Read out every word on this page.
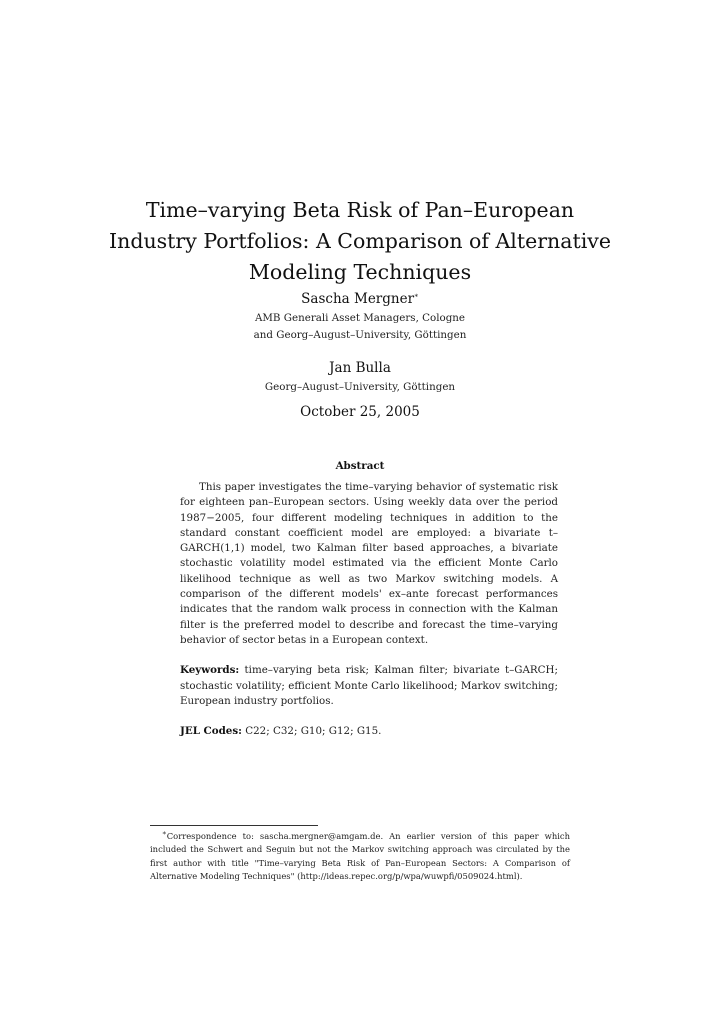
Time–varying Beta Risk of Pan–European
Industry Portfolios: A Comparison of Alternative
Modeling Techniques
Sascha Mergner∗
AMB Generali Asset Managers, Cologne
and Georg–August–University, Göttingen
Jan Bulla
Georg–August–University, Göttingen
October 25, 2005
Abstract

This paper investigates the time–varying behavior of systematic risk for eighteen pan–European sectors. Using weekly data over the period 1987−2005, four different modeling techniques in addition to the standard constant coefficient model are employed: a bivariate t–GARCH(1,1) model, two Kalman filter based approaches, a bivariate stochastic volatility model estimated via the efficient Monte Carlo likelihood technique as well as two Markov switching models. A comparison of the different models' ex–ante forecast performances indicates that the random walk process in connection with the Kalman filter is the preferred model to describe and forecast the time–varying behavior of sector betas in a European context.

Keywords: time–varying beta risk; Kalman filter; bivariate t–GARCH; stochastic volatility; efficient Monte Carlo likelihood; Markov switching; European industry portfolios.

JEL Codes: C22; C32; G10; G12; G15.

∗Correspondence to: sascha.mergner@amgam.de. An earlier version of this paper which included the Schwert and Seguin but not the Markov switching approach was circulated by the first author with title "Time–varying Beta Risk of Pan–European Sectors: A Comparison of Alternative Modeling Techniques" (http://ideas.repec.org/p/wpa/wuwpfi/0509024.html).
